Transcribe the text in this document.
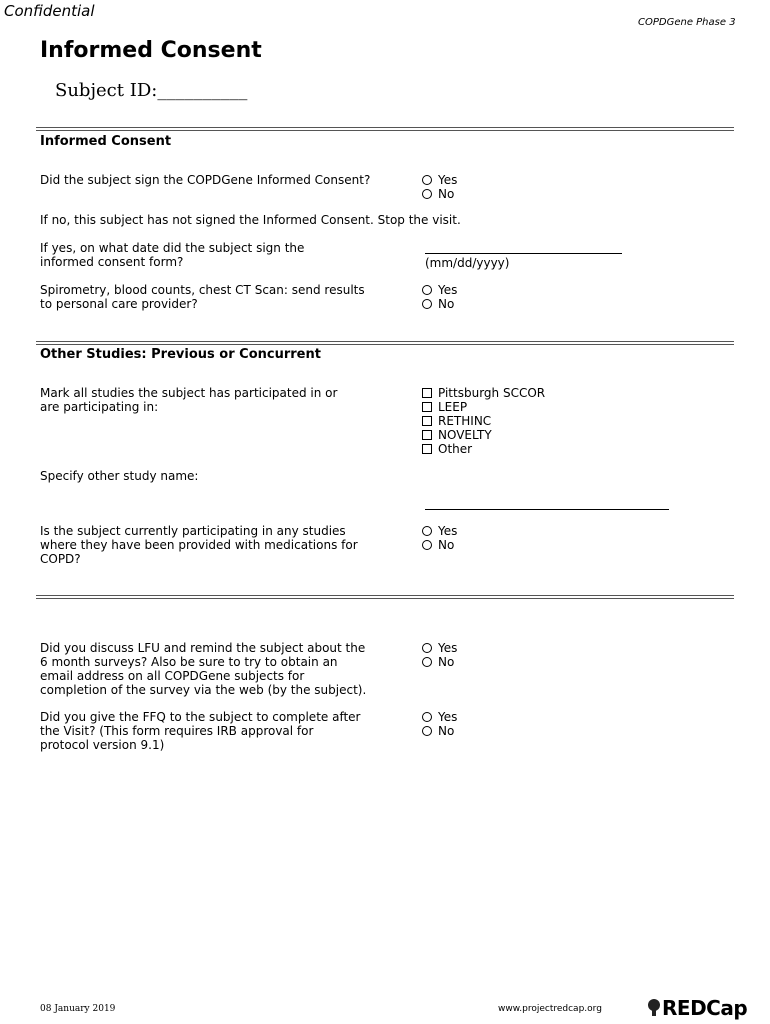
Confidential
COPDGene Phase 3
Informed Consent
Subject ID:__________
Informed Consent
Did the subject sign the COPDGene Informed Consent?	Yes
No
If no, this subject has not signed the Informed Consent. Stop the visit.
If yes, on what date did the subject sign the
informed consent form?	(mm/dd/yyyy)
Spirometry, blood counts, chest CT Scan: send results
to personal care provider?
Yes
No
Other Studies: Previous or Concurrent
Mark all studies the subject has participated in or
are participating in:
Pittsburgh SCCOR
LEEP
RETHINC
NOVELTY
Other
Specify other study name:
Is the subject currently participating in any studies
where they have been provided with medications for
COPD?
Yes
No
Did you discuss LFU and remind the subject about the
6 month surveys? Also be sure to try to obtain an
email address on all COPDGene subjects for
completion of the survey via the web (by the subject).
Yes
No
Did you give the FFQ to the subject to complete after
the Visit? (This form requires IRB approval for
protocol version 9.1)
Yes
No
08 January 2019	www.projectredcap.org	REDCap
